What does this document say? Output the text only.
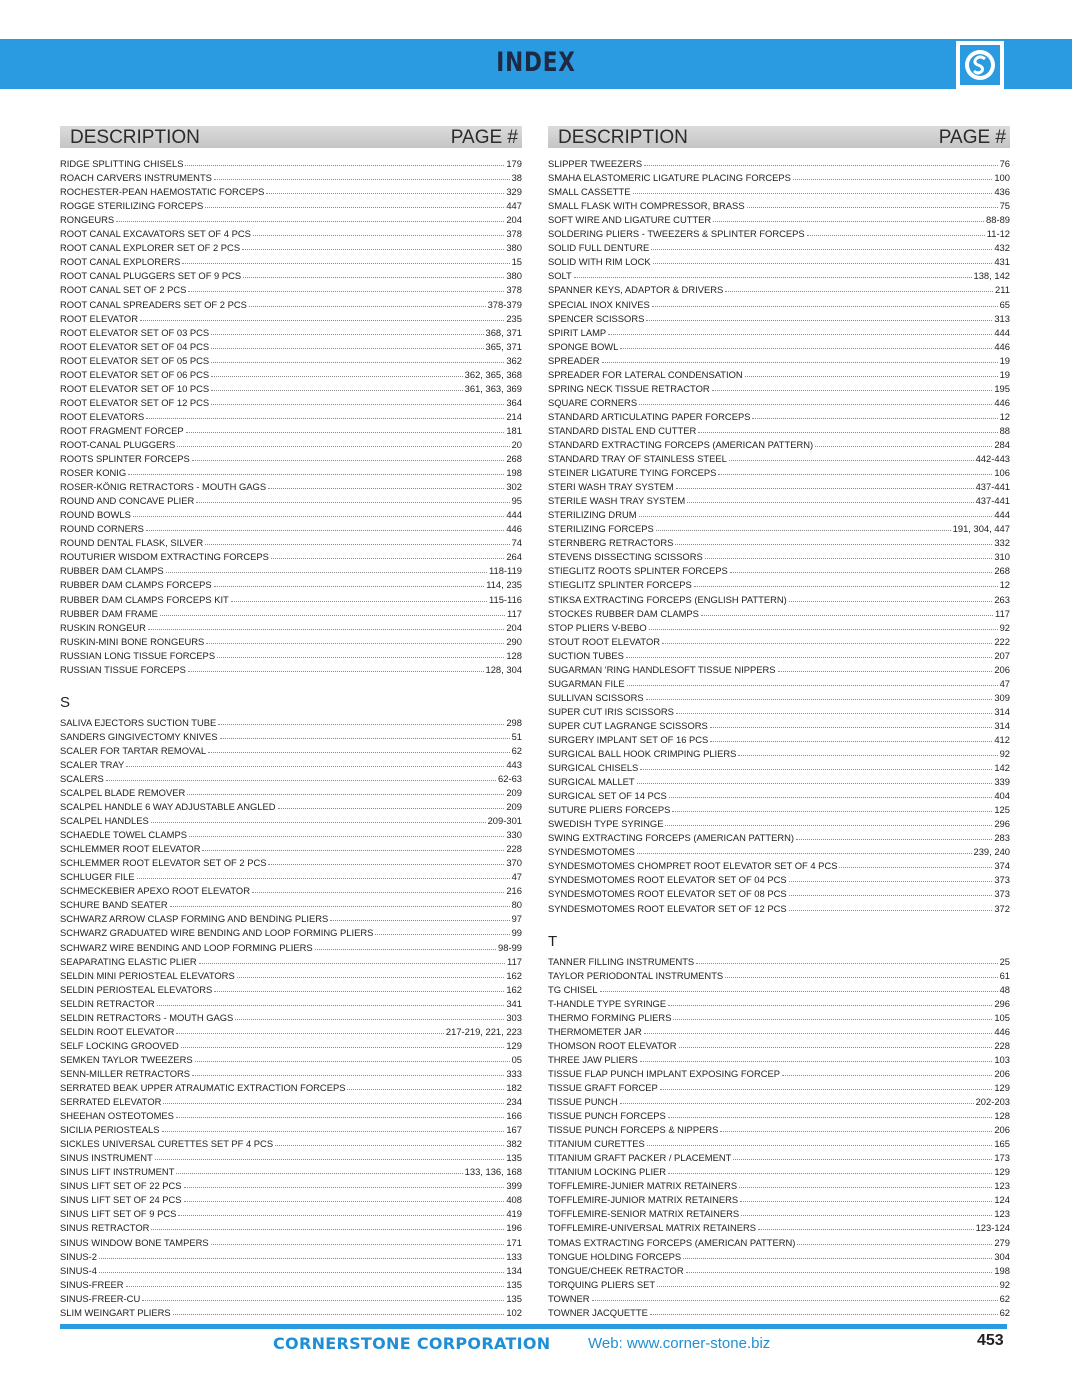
INDEX
DESCRIPTION	PAGE #
RIDGE SPLITTING CHISELS	179
ROACH CARVERS INSTRUMENTS	38
ROCHESTER-PEAN HAEMOSTATIC FORCEPS	329
ROGGE STERILIZING FORCEPS	447
RONGEURS	204
ROOT CANAL EXCAVATORS SET OF 4 PCS	378
ROOT CANAL EXPLORER SET OF 2 PCS	380
ROOT CANAL EXPLORERS	15
ROOT CANAL PLUGGERS SET OF 9 PCS	380
ROOT CANAL SET OF 2 PCS	378
ROOT CANAL SPREADERS SET OF 2 PCS	378-379
ROOT ELEVATOR	235
ROOT ELEVATOR SET OF 03 PCS	368, 371
ROOT ELEVATOR SET OF 04 PCS	365, 371
ROOT ELEVATOR SET OF 05 PCS	362
ROOT ELEVATOR SET OF 06 PCS	362, 365, 368
ROOT ELEVATOR SET OF 10 PCS	361, 363, 369
ROOT ELEVATOR SET OF 12 PCS	364
ROOT ELEVATORS	214
ROOT FRAGMENT FORCEP	181
ROOT-CANAL PLUGGERS	20
ROOTS SPLINTER FORCEPS	268
ROSER KONIG	198
ROSER-KÖNIG RETRACTORS - MOUTH GAGS	302
ROUND AND CONCAVE PLIER	95
ROUND BOWLS	444
ROUND CORNERS	446
ROUND DENTAL FLASK, SILVER	74
ROUTURIER WISDOM EXTRACTING FORCEPS	264
RUBBER DAM CLAMPS	118-119
RUBBER DAM CLAMPS FORCEPS	114, 235
RUBBER DAM CLAMPS FORCEPS KIT	115-116
RUBBER DAM FRAME	117
RUSKIN RONGEUR	204
RUSKIN-MINI BONE RONGEURS	290
RUSSIAN LONG TISSUE FORCEPS	128
RUSSIAN TISSUE FORCEPS	128, 304
S
SALIVA EJECTORS SUCTION TUBE	298
SANDERS GINGIVECTOMY KNIVES	51
SCALER FOR TARTAR REMOVAL	62
SCALER TRAY	443
SCALERS	62-63
SCALPEL BLADE REMOVER	209
SCALPEL HANDLE 6 WAY ADJUSTABLE ANGLED	209
SCALPEL HANDLES	209-301
SCHAEDLE TOWEL CLAMPS	330
SCHLEMMER ROOT ELEVATOR	228
SCHLEMMER ROOT ELEVATOR SET OF 2 PCS	370
SCHLUGER FILE	47
SCHMECKEBIER APEXO ROOT ELEVATOR	216
SCHURE BAND SEATER	80
SCHWARZ ARROW CLASP FORMING AND BENDING PLIERS	97
SCHWARZ GRADUATED WIRE BENDING AND LOOP FORMING PLIERS	99
SCHWARZ WIRE BENDING AND LOOP FORMING PLIERS	98-99
SEAPARATING ELASTIC PLIER	117
SELDIN MINI PERIOSTEAL ELEVATORS	162
SELDIN PERIOSTEAL ELEVATORS	162
SELDIN RETRACTOR	341
SELDIN RETRACTORS - MOUTH GAGS	303
SELDIN ROOT ELEVATOR	217-219, 221, 223
SELF LOCKING GROOVED	129
SEMKEN TAYLOR TWEEZERS	05
SENN-MILLER RETRACTORS	333
SERRATED BEAK UPPER ATRAUMATIC EXTRACTION FORCEPS	182
SERRATED ELEVATOR	234
SHEEHAN OSTEOTOMES	166
SICILIA PERIOSTEALS	167
SICKLES UNIVERSAL CURETTES SET PF 4 PCS	382
SINUS INSTRUMENT	135
SINUS LIFT INSTRUMENT	133, 136, 168
SINUS LIFT SET OF 22 PCS	399
SINUS LIFT SET OF 24 PCS	408
SINUS LIFT SET OF 9 PCS	419
SINUS RETRACTOR	196
SINUS WINDOW BONE TAMPERS	171
SINUS-2	133
SINUS-4	134
SINUS-FREER	135
SINUS-FREER-CU	135
SLIM WEINGART PLIERS	102
DESCRIPTION	PAGE #
SLIPPER TWEEZERS	76
SMAHA ELASTOMERIC LIGATURE PLACING FORCEPS	100
SMALL CASSETTE	436
SMALL FLASK WITH COMPRESSOR, BRASS	75
SOFT WIRE AND LIGATURE CUTTER	88-89
SOLDERING PLIERS - TWEEZERS & SPLINTER FORCEPS	11-12
SOLID FULL DENTURE	432
SOLID WITH RIM LOCK	431
SOLT	138, 142
SPANNER KEYS, ADAPTOR & DRIVERS	211
SPECIAL INOX KNIVES	65
SPENCER SCISSORS	313
SPIRIT LAMP	444
SPONGE BOWL	446
SPREADER	19
SPREADER FOR LATERAL CONDENSATION	19
SPRING NECK TISSUE RETRACTOR	195
SQUARE CORNERS	446
STANDARD ARTICULATING PAPER FORCEPS	12
STANDARD DISTAL END CUTTER	88
STANDARD EXTRACTING FORCEPS (AMERICAN PATTERN)	284
STANDARD TRAY OF STAINLESS STEEL	442-443
STEINER LIGATURE TYING FORCEPS	106
STERI WASH TRAY SYSTEM	437-441
STERILE WASH TRAY SYSTEM	437-441
STERILIZING DRUM	444
STERILIZING FORCEPS	191, 304, 447
STERNBERG RETRACTORS	332
STEVENS DISSECTING SCISSORS	310
STIEGLITZ ROOTS SPLINTER FORCEPS	268
STIEGLITZ SPLINTER FORCEPS	12
STIKSA EXTRACTING FORCEPS (ENGLISH PATTERN)	263
STOCKES RUBBER DAM CLAMPS	117
STOP PLIERS V-BEBO	92
STOUT ROOT ELEVATOR	222
SUCTION TUBES	207
SUGARMAN 'RING HANDLESOFT TISSUE NIPPERS	206
SUGARMAN FILE	47
SULLIVAN SCISSORS	309
SUPER CUT IRIS SCISSORS	314
SUPER CUT LAGRANGE SCISSORS	314
SURGERY IMPLANT SET OF 16 PCS	412
SURGICAL BALL HOOK CRIMPING PLIERS	92
SURGICAL CHISELS	142
SURGICAL MALLET	339
SURGICAL SET OF 14 PCS	404
SUTURE PLIERS FORCEPS	125
SWEDISH TYPE SYRINGE	296
SWING EXTRACTING FORCEPS (AMERICAN PATTERN)	283
SYNDESMOTOMES	239, 240
SYNDESMOTOMES CHOMPRET ROOT ELEVATOR SET OF 4 PCS	374
SYNDESMOTOMES ROOT ELEVATOR SET OF 04 PCS	373
SYNDESMOTOMES ROOT ELEVATOR SET OF 08 PCS	373
SYNDESMOTOMES ROOT ELEVATOR SET OF 12 PCS	372
T
TANNER FILLING INSTRUMENTS	25
TAYLOR PERIODONTAL INSTRUMENTS	61
TG CHISEL	48
T-HANDLE TYPE SYRINGE	296
THERMO FORMING PLIERS	105
THERMOMETER JAR	446
THOMSON ROOT ELEVATOR	228
THREE JAW PLIERS	103
TISSUE FLAP PUNCH IMPLANT EXPOSING FORCEP	206
TISSUE GRAFT FORCEP	129
TISSUE PUNCH	202-203
TISSUE PUNCH FORCEPS	128
TISSUE PUNCH FORCEPS & NIPPERS	206
TITANIUM CURETTES	165
TITANIUM GRAFT PACKER / PLACEMENT	173
TITANIUM LOCKING PLIER	129
TOFFLEMIRE-JUNIER MATRIX RETAINERS	123
TOFFLEMIRE-JUNIOR MATRIX RETAINERS	124
TOFFLEMIRE-SENIOR MATRIX RETAINERS	123
TOFFLEMIRE-UNIVERSAL MATRIX RETAINERS	123-124
TOMAS EXTRACTING FORCEPS (AMERICAN PATTERN)	279
TONGUE HOLDING FORCEPS	304
TONGUE/CHEEK RETRACTOR	198
TORQUING PLIERS SET	92
TOWNER	62
TOWNER JACQUETTE	62
CORNERSTONE CORPORATION	Web: www.corner-stone.biz	453
